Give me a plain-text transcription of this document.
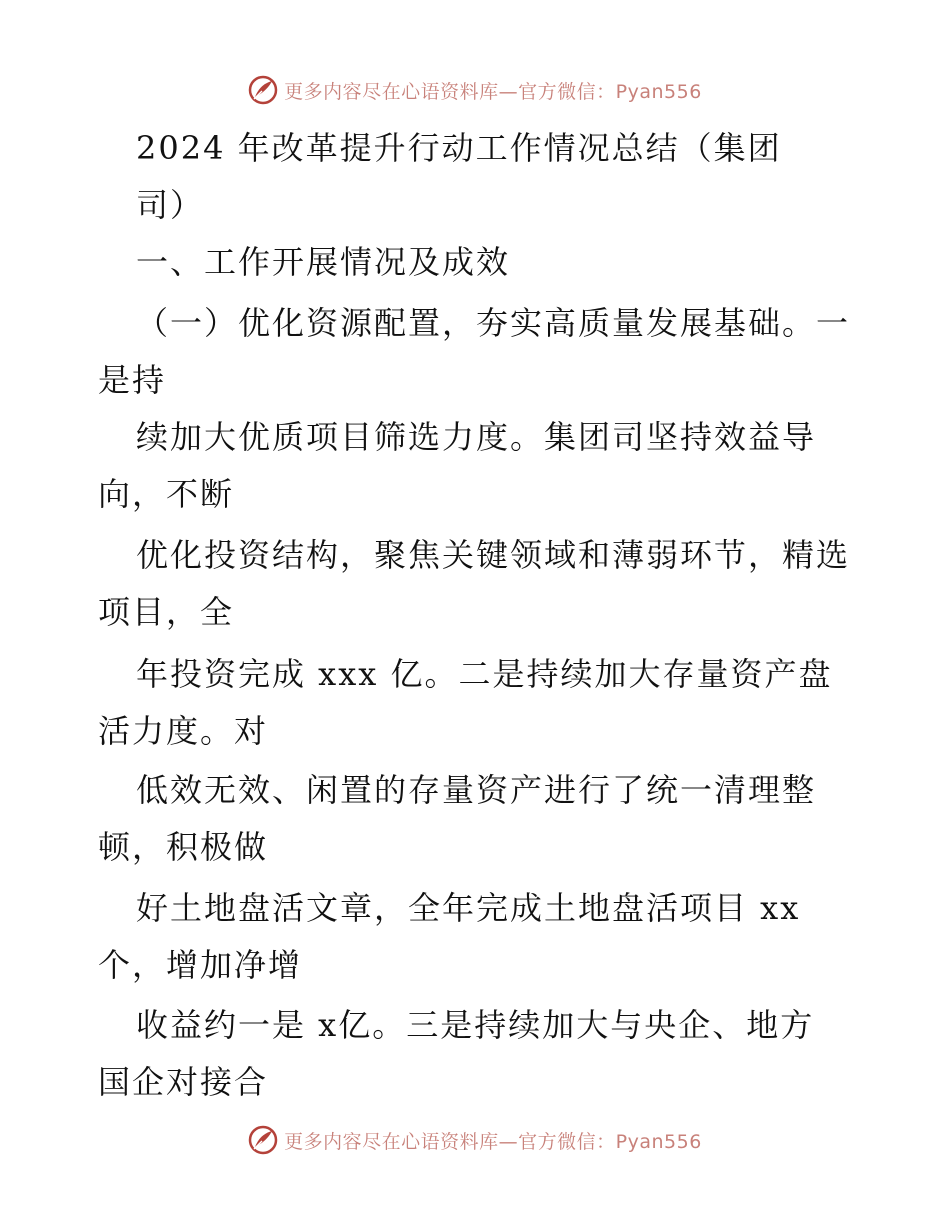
更多内容尽在心语资料库—官方微信：Pyan556
2024 年改革提升行动工作情况总结（集团
司）
一、工作开展情况及成效
（一）优化资源配置，夯实高质量发展基础。一
是持
续加大优质项目筛选力度。集团司坚持效益导
向，不断
优化投资结构，聚焦关键领域和薄弱环节，精选
项目，全
年投资完成 xxx 亿。二是持续加大存量资产盘
活力度。对
低效无效、闲置的存量资产进行了统一清理整
顿，积极做
好土地盘活文章，全年完成土地盘活项目 xx
个，增加净增
收益约一是 x亿。三是持续加大与央企、地方
国企对接合
更多内容尽在心语资料库—官方微信：Pyan556
